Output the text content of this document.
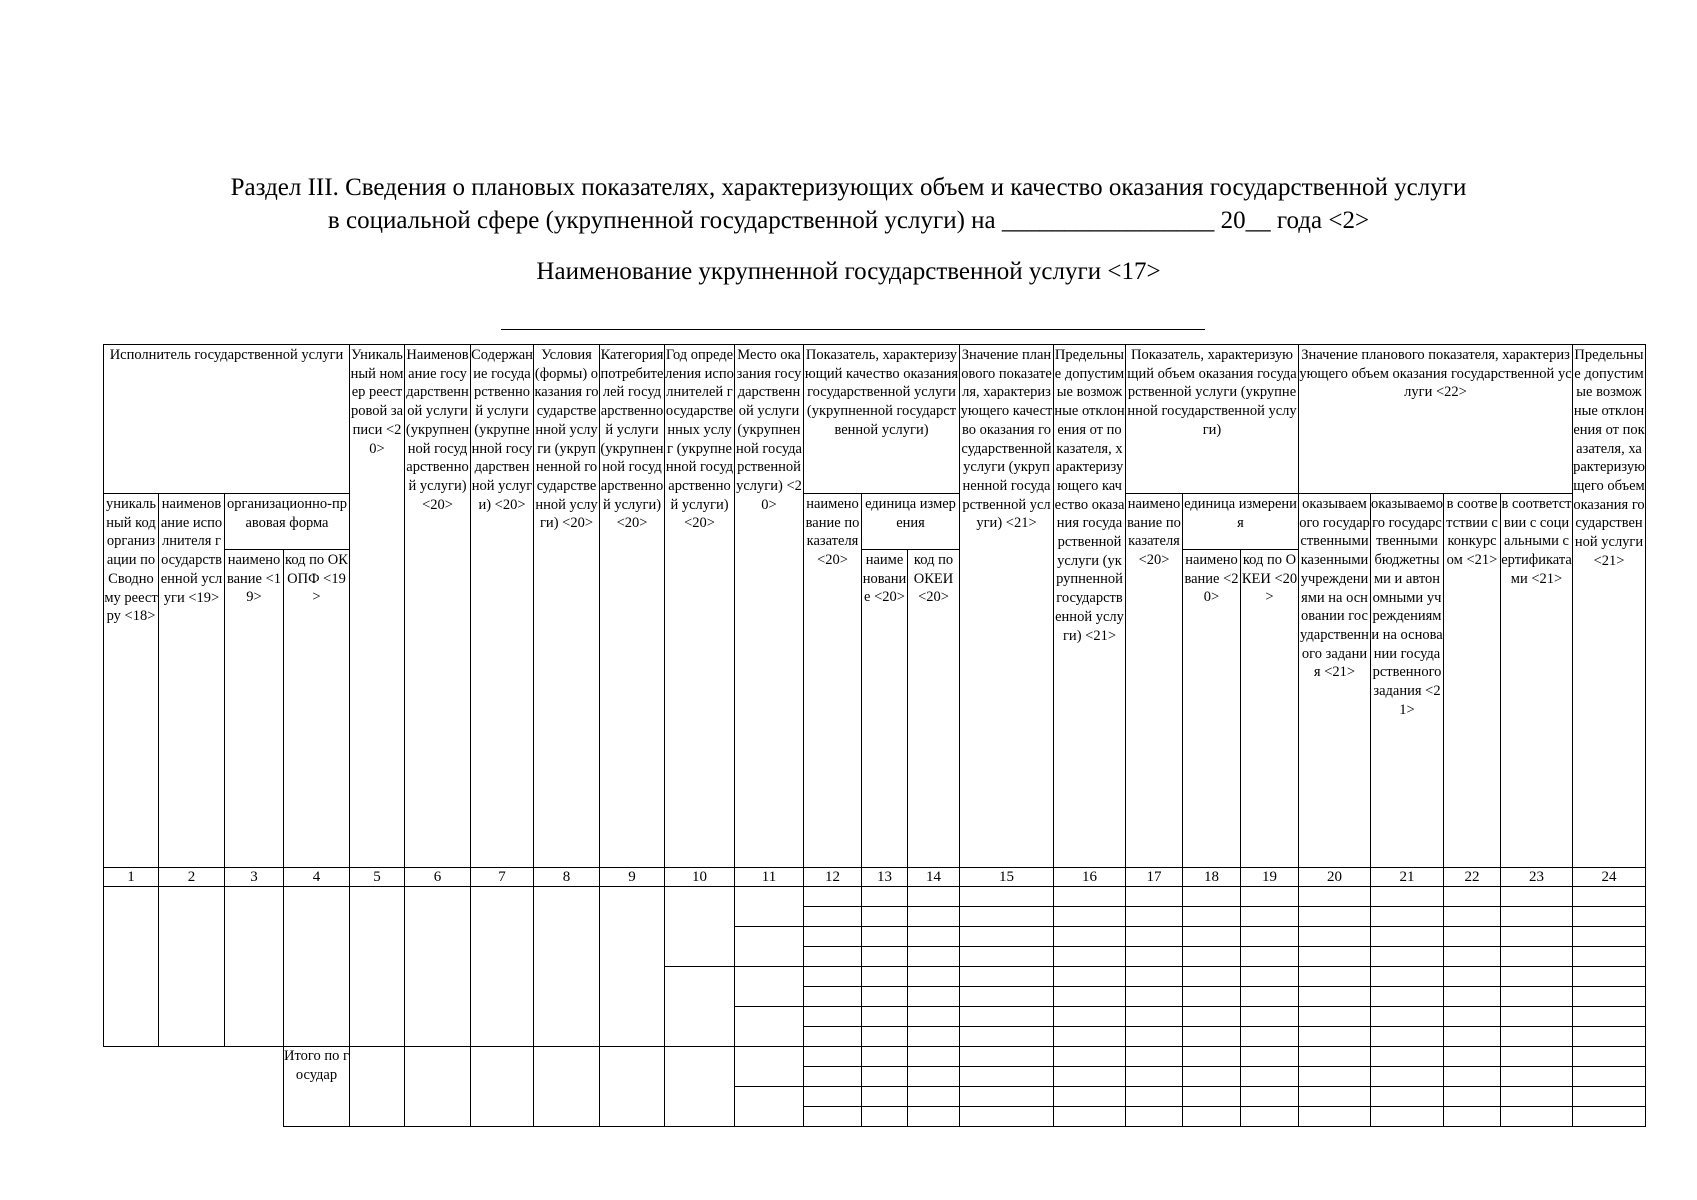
Раздел III. Сведения о плановых показателях, характеризующих объем и качество оказания государственной услуги
в социальной сфере (укрупненной государственной услуги) на _________________ 20__ года <2>
Наименование укрупненной государственной услуги <17>
Исполнитель государственной услуги				Уникальный номер реестровой записи <20>	Наименование государственной услуги (укрупненной государственной услуги) <20>	Содержание государственной услуги (укрупненной государственной услуги) <20>	Условия (формы) оказания государственной услуги (укрупненной государственной услуги) <20>	Категория потребителей государственной услуги (укрупненной государственной услуги) <20>	Год определения исполнителей государственных услуг (укрупненной государственной услуги) <20>	Место оказания государственной услуги (укрупненной государственной услуги) <20>	Показатель, характеризующий качество оказания государственной услуги (укрупненной государственной услуги)			Значение планового показателя, характеризующего качество оказания государственной услуги (укрупненной государственной услуги) <21>	Предельные допустимые возможные отклонения от показателя, характеризующего качество оказания государственной услуги (укрупненной государственной услуги) <21>	Показатель, характеризующий объем оказания государственной услуги (укрупненной государственной услуги)			Значение планового показателя, характеризующего объем оказания государственной услуги <22>				Предельные допустимые возможные отклонения от показателя, характеризующего объем оказания государственной услуги <21>
уникальный код организации по Сводному реестру <18>	наименование исполнителя государственной услуги <19>	организационно-правовая форма									наименование показателя <20>	единица измерения				наименование показателя <20>	единица измерения		оказываемого государственными казенными учреждениями на основании государственного задания <21>	оказываемого государственными бюджетными и автономными учреждениями на основании государственного задания <21>	в соответствии с конкурсом <21>	в соответствии с социальными сертификатами <21>	
		наименование <19>	код по ОКОПФ <19>									наименование <20>	код по ОКЕИ <20>				наименование <20>	код по ОКЕИ <20>					
1	2	3	4	5	6	7	8	9	10	11	12	13	14	15	16	17	18	19	20	21	22	23	24

			Итого по государ																				
